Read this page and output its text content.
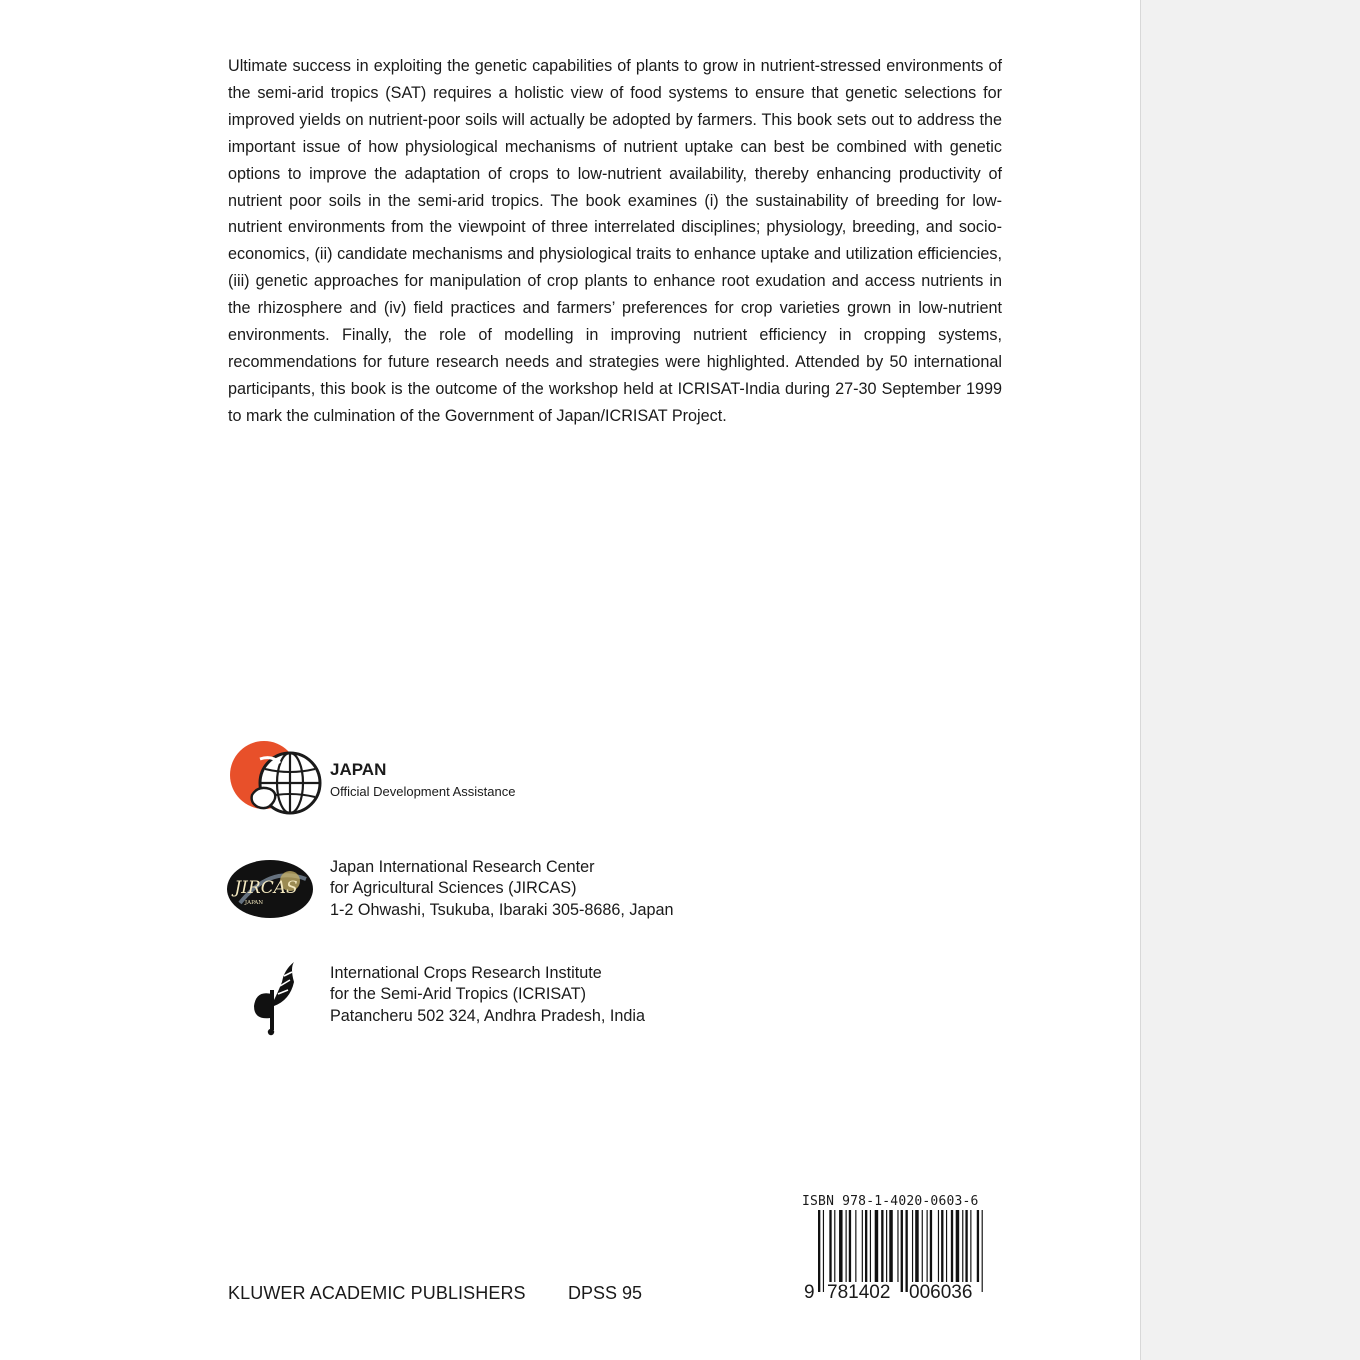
Ultimate success in exploiting the genetic capabilities of plants to grow in nutrient-stressed environments of the semi-arid tropics (SAT) requires a holistic view of food systems to ensure that genetic selections for improved yields on nutrient-poor soils will actually be adopted by farmers. This book sets out to address the important issue of how physiological mechanisms of nutrient uptake can best be combined with genetic options to improve the adaptation of crops to low-nutrient availability, thereby enhancing productivity of nutrient poor soils in the semi-arid tropics. The book examines (i) the sustainability of breeding for low-nutrient environments from the viewpoint of three interrelated disciplines; physiology, breeding, and socio-economics, (ii) candidate mechanisms and physiological traits to enhance uptake and utilization efficiencies, (iii) genetic approaches for manipulation of crop plants to enhance root exudation and access nutrients in the rhizosphere and (iv) field practices and farmers’ preferences for crop varieties grown in low-nutrient environments. Finally, the role of modelling in improving nutrient efficiency in cropping systems, recommendations for future research needs and strategies were highlighted. Attended by 50 international participants, this book is the outcome of the workshop held at ICRISAT-India during 27-30 September 1999 to mark the culmination of the Government of Japan/ICRISAT Project.

JAPAN
Official Development Assistance
JIRCAS
JAPAN
Japan International Research Center
for Agricultural Sciences (JIRCAS)
1-2 Ohwashi, Tsukuba, Ibaraki 305-8686, Japan
International Crops Research Institute
for the Semi-Arid Tropics (ICRISAT)
Patancheru 502 324, Andhra Pradesh, India
ISBN 978-1-4020-0603-6
9 781402 006036
KLUWER ACADEMIC PUBLISHERS DPSS 95
